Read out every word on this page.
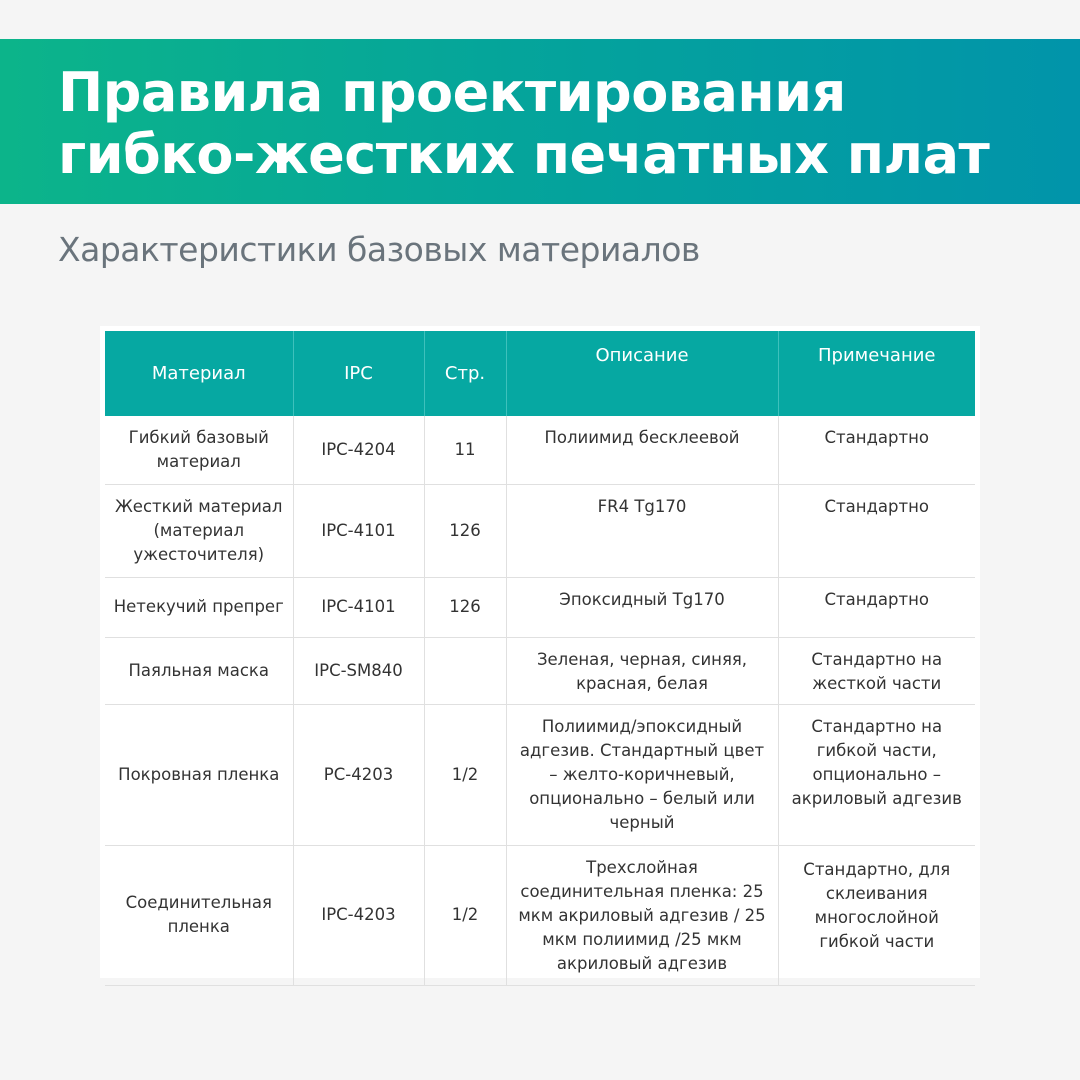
Правила проектирования
гибко-жестких печатных плат
Характеристики базовых материалов
Материал	IPC	Стр.	Описание	Примечание
Гибкий базовый материал	IPC-4204	11	Полиимид бесклеевой	Стандартно
Жесткий материал (материал ужесточителя)	IPC-4101	126	FR4 Tg170	Стандартно
Нетекучий препрег	IPC-4101	126	Эпоксидный Tg170	Стандартно
Паяльная маска	IPC-SM840		Зеленая, черная, синяя, красная, белая	Стандартно на жесткой части
Покровная пленка	PC-4203	1/2	Полиимид/эпоксидный адгезив. Стандартный цвет – желто-коричневый, опционально – белый или черный	Стандартно на гибкой части, опционально – акриловый адгезив
Соединительная пленка	IPC-4203	1/2	Трехслойная соединительная пленка: 25 мкм акриловый адгезив / 25 мкм полиимид /25 мкм акриловый адгезив	Стандартно, для склеивания многослойной гибкой части
